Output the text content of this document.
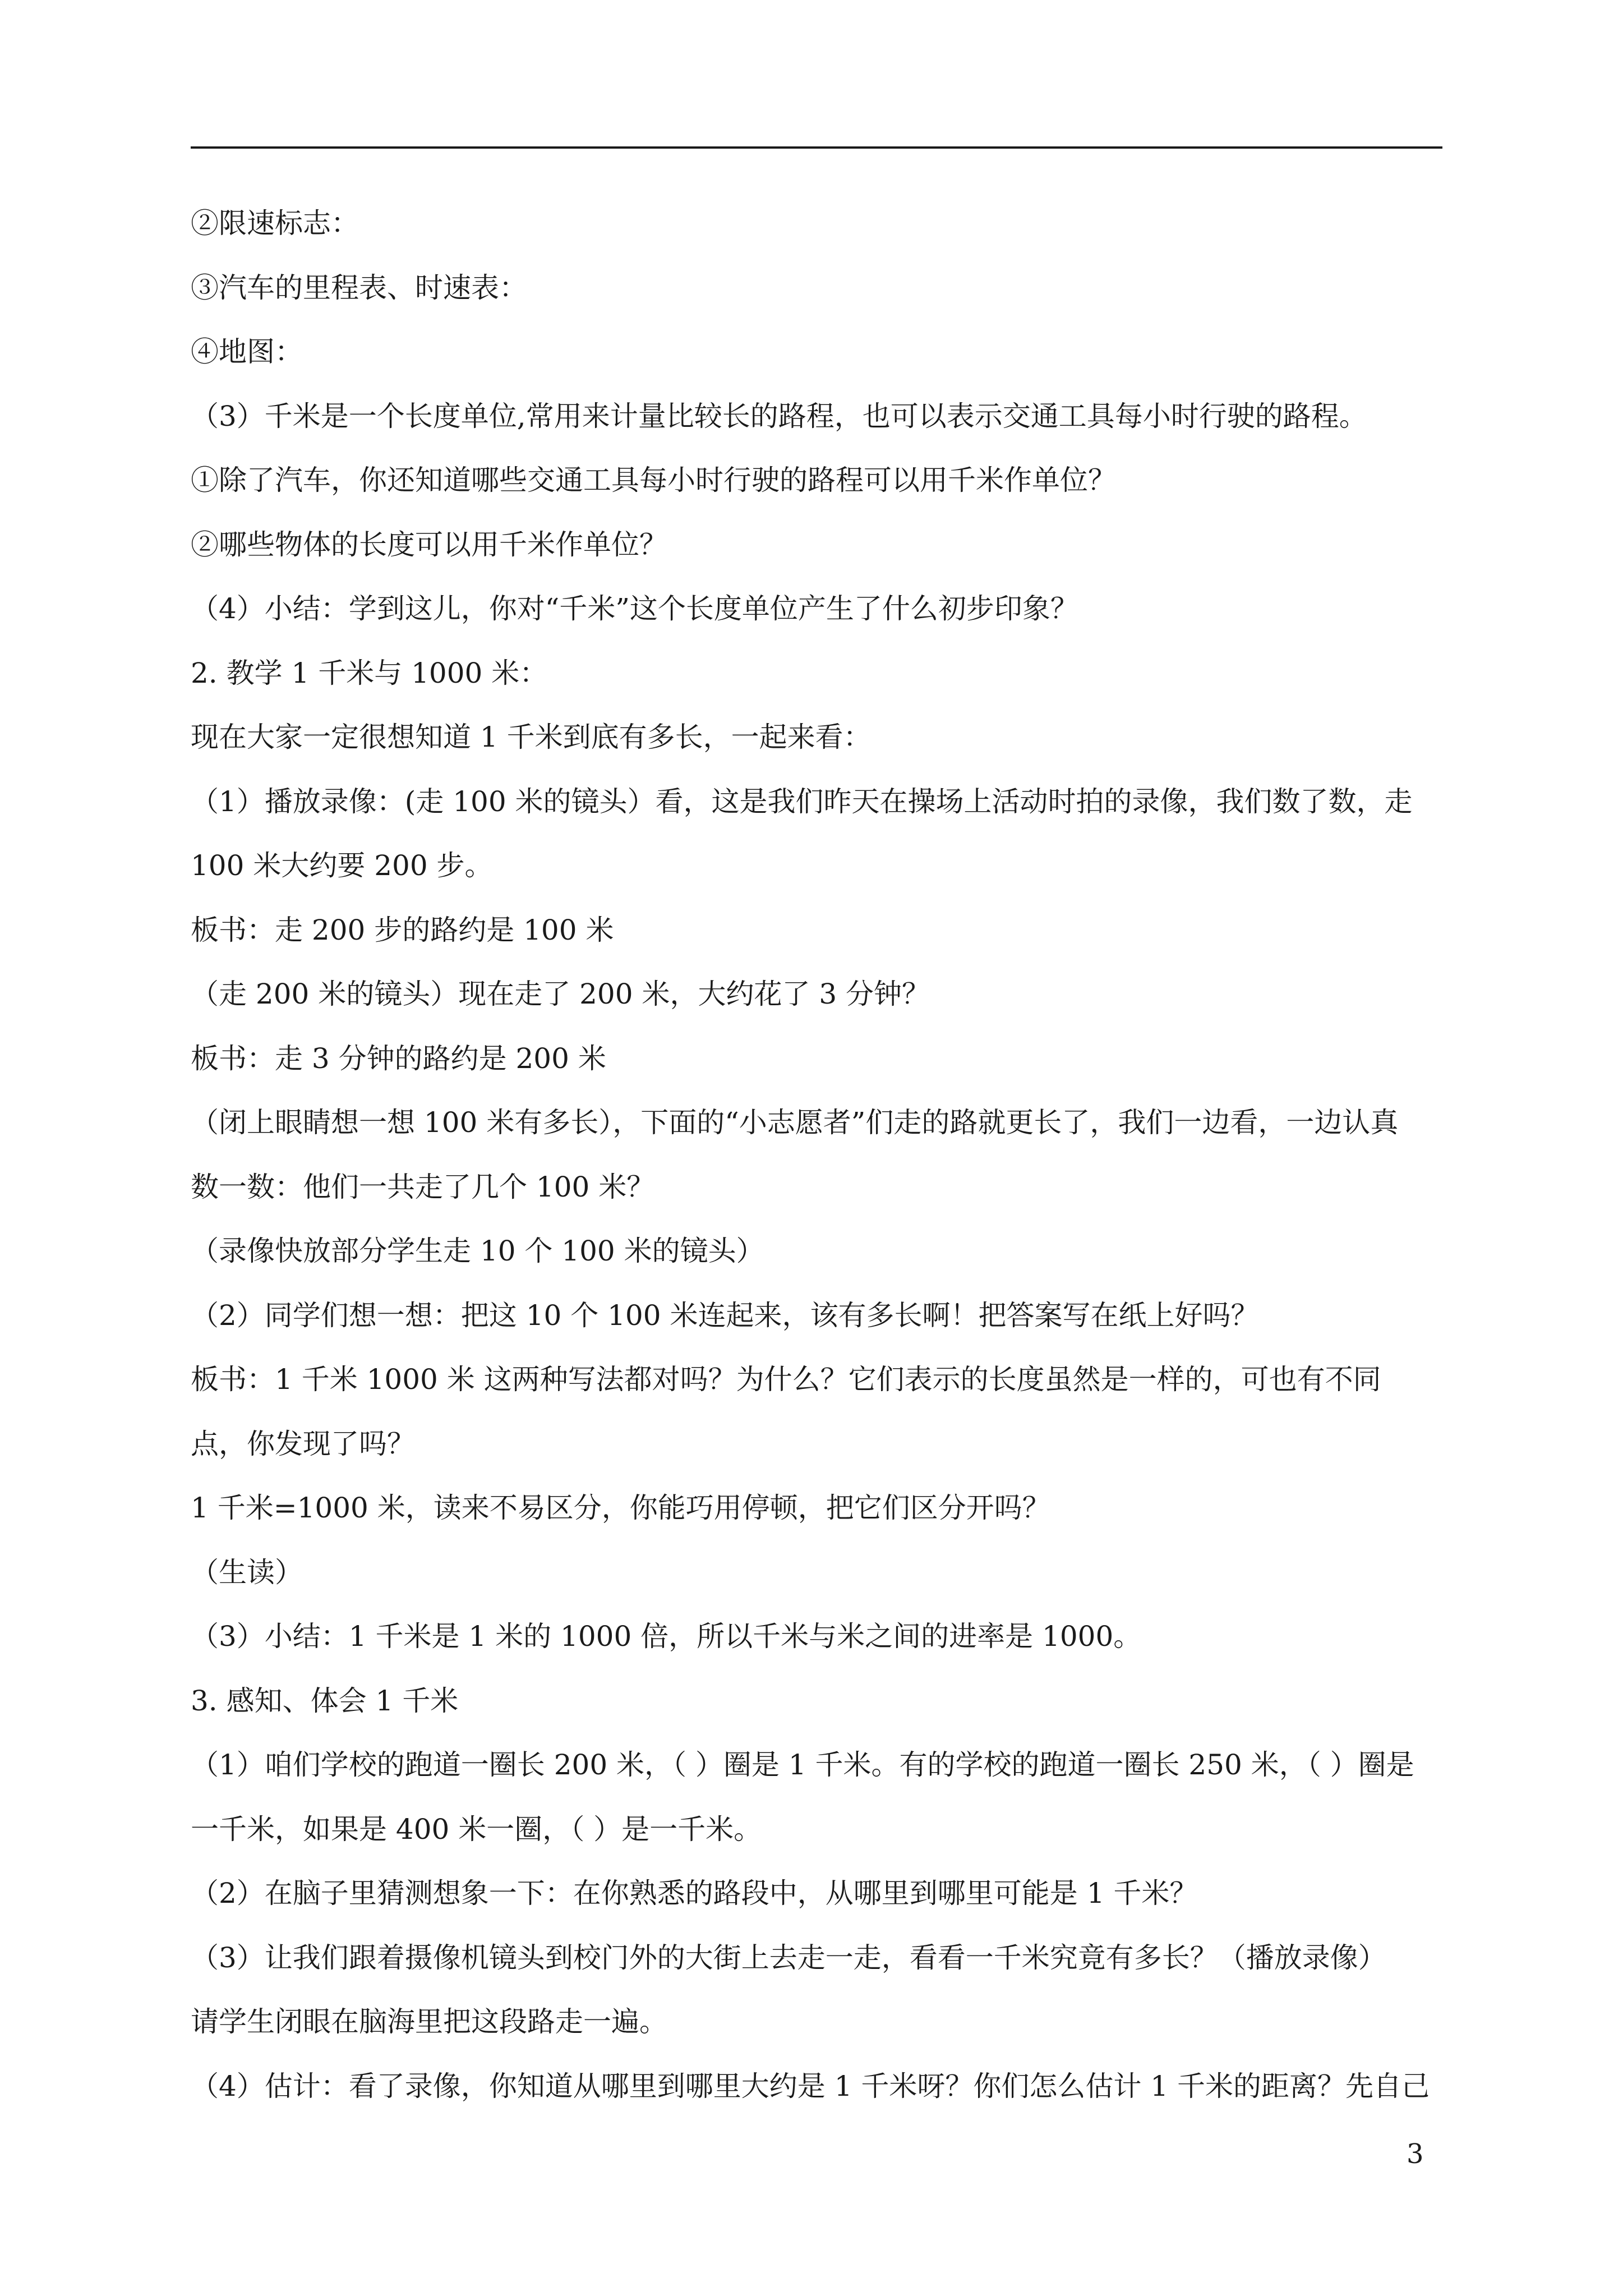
②限速标志：
③汽车的里程表、时速表：
④地图：
（3）千米是一个长度单位,常用来计量比较长的路程，也可以表示交通工具每小时行驶的路程。
①除了汽车，你还知道哪些交通工具每小时行驶的路程可以用千米作单位？
②哪些物体的长度可以用千米作单位？
（4）小结：学到这儿，你对“千米”这个长度单位产生了什么初步印象？
2. 教学 1 千米与 1000 米：
现在大家一定很想知道 1 千米到底有多长，一起来看：
（1）播放录像：(走 100 米的镜头）看，这是我们昨天在操场上活动时拍的录像，我们数了数，走
100 米大约要 200 步。
板书：走 200 步的路约是 100 米
（走 200 米的镜头）现在走了 200 米，大约花了 3 分钟？
板书：走 3 分钟的路约是 200 米
（闭上眼睛想一想 100 米有多长），下面的“小志愿者”们走的路就更长了，我们一边看，一边认真
数一数：他们一共走了几个 100 米？
（录像快放部分学生走 10 个 100 米的镜头）
（2）同学们想一想：把这 10 个 100 米连起来，该有多长啊！把答案写在纸上好吗？
板书：1 千米 1000 米 这两种写法都对吗？为什么？它们表示的长度虽然是一样的，可也有不同
点，你发现了吗？
1 千米=1000 米，读来不易区分，你能巧用停顿，把它们区分开吗？
（生读）
（3）小结：1 千米是 1 米的 1000 倍，所以千米与米之间的进率是 1000。
3. 感知、体会 1 千米
（1）咱们学校的跑道一圈长 200 米，（ ）圈是 1 千米。有的学校的跑道一圈长 250 米，（ ）圈是
一千米，如果是 400 米一圈，（ ）是一千米。
（2）在脑子里猜测想象一下：在你熟悉的路段中，从哪里到哪里可能是 1 千米？
（3）让我们跟着摄像机镜头到校门外的大街上去走一走，看看一千米究竟有多长？（播放录像）
请学生闭眼在脑海里把这段路走一遍。
（4）估计：看了录像，你知道从哪里到哪里大约是 1 千米呀？你们怎么估计 1 千米的距离？先自己
3
